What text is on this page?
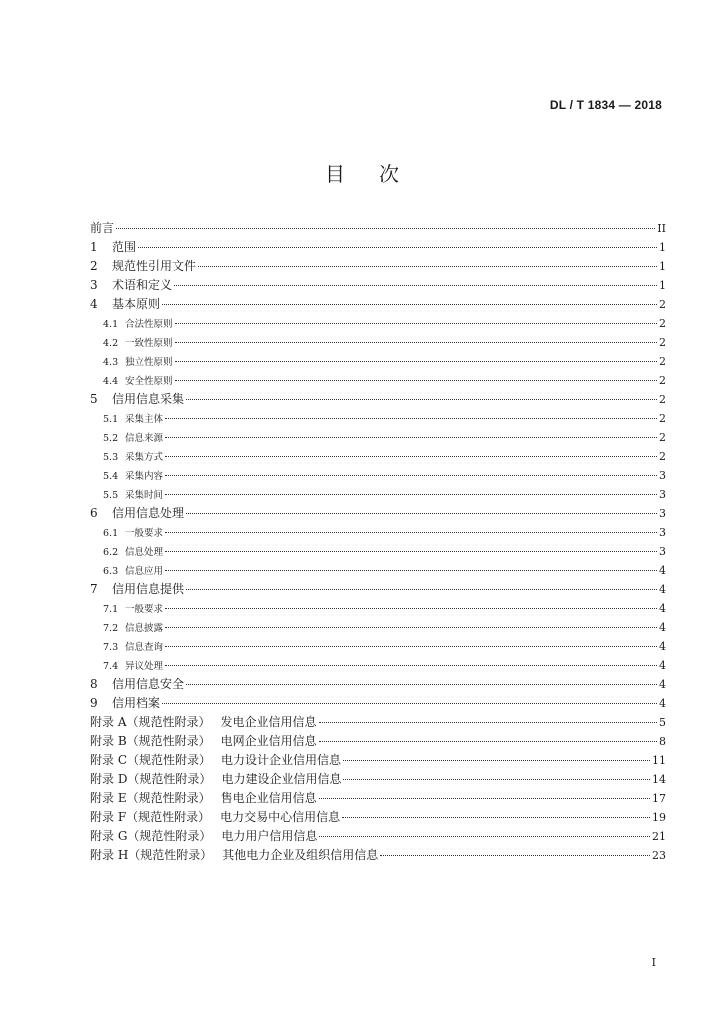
DL / T 1834 — 2018
目次
前言	II
1	范围	1
2	规范性引用文件	1
3	术语和定义	1
4	基本原则	2
4.1 合法性原则	2
4.2 一致性原则	2
4.3 独立性原则	2
4.4 安全性原则	2
5	信用信息采集	2
5.1 采集主体	2
5.2 信息来源	2
5.3 采集方式	2
5.4 采集内容	3
5.5 采集时间	3
6	信用信息处理	3
6.1 一般要求	3
6.2 信息处理	3
6.3 信息应用	4
7	信用信息提供	4
7.1 一般要求	4
7.2 信息披露	4
7.3 信息查询	4
7.4 异议处理	4
8	信用信息安全	4
9	信用档案	4
附录 A（规范性附录） 发电企业信用信息	5
附录 B（规范性附录） 电网企业信用信息	8
附录 C（规范性附录） 电力设计企业信用信息	11
附录 D（规范性附录） 电力建设企业信用信息	14
附录 E（规范性附录） 售电企业信用信息	17
附录 F（规范性附录） 电力交易中心信用信息	19
附录 G（规范性附录） 电力用户信用信息	21
附录 H（规范性附录） 其他电力企业及组织信用信息	23
I
